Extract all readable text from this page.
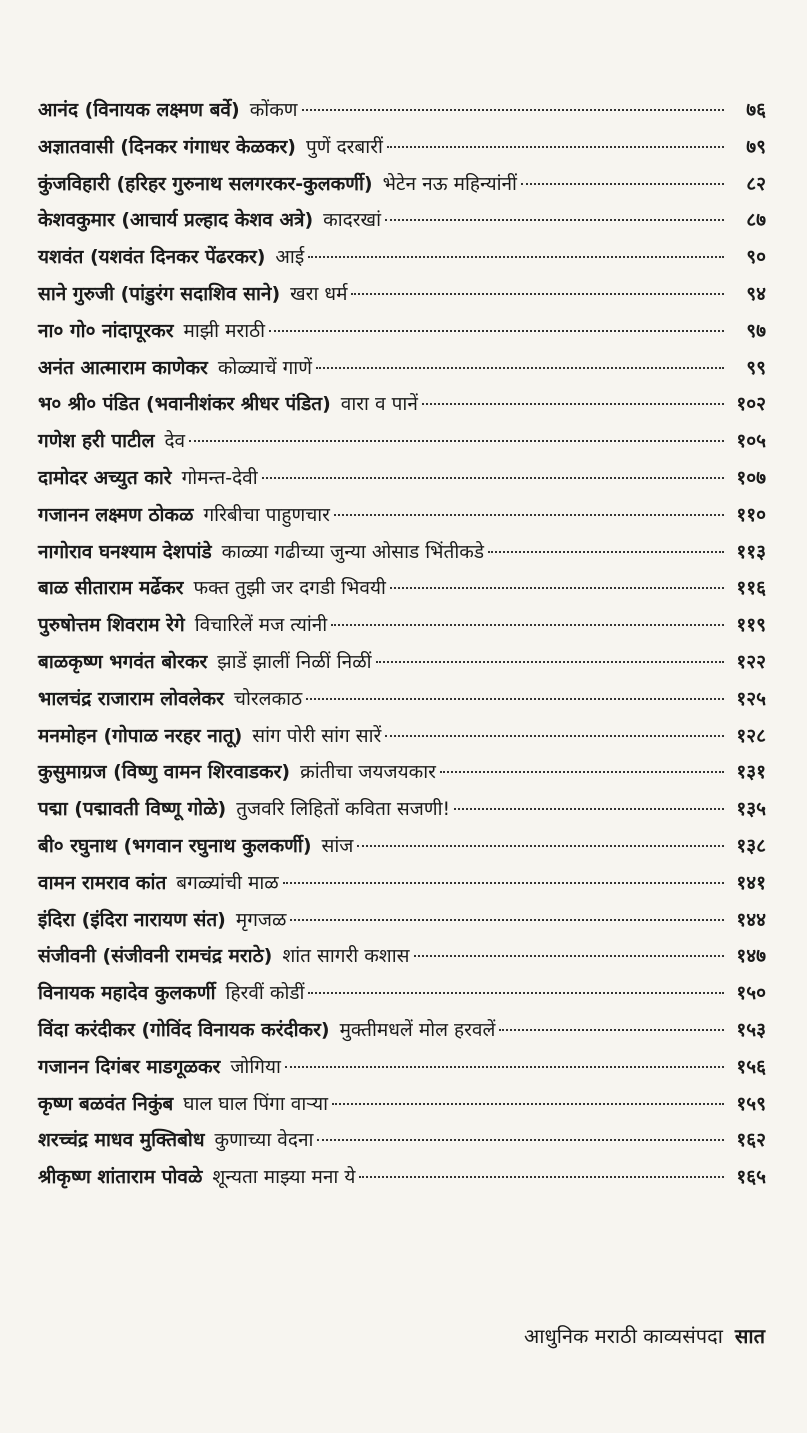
आनंद (विनायक लक्ष्मण बर्वे) कोंकण	७६
अज्ञातवासी (दिनकर गंगाधर केळकर) पुणें दरबारीं	७९
कुंजविहारी (हरिहर गुरुनाथ सलगरकर-कुलकर्णी) भेटेन नऊ महिन्यांनीं	८२
केशवकुमार (आचार्य प्रल्हाद केशव अत्रे) कादरखां	८७
यशवंत (यशवंत दिनकर पेंढरकर) आई	९०
साने गुरुजी (पांडुरंग सदाशिव साने) खरा धर्म	९४
ना० गो० नांदापूरकर माझी मराठी	९७
अनंत आत्माराम काणेकर कोळ्याचें गाणें	९९
भ० श्री० पंडित (भवानीशंकर श्रीधर पंडित) वारा व पानें	१०२
गणेश हरी पाटील देव	१०५
दामोदर अच्युत कारे गोमन्त-देवी	१०७
गजानन लक्ष्मण ठोकळ गरिबीचा पाहुणचार	११०
नागोराव घनश्याम देशपांडे काळ्या गढीच्या जुन्या ओसाड भिंतीकडे	११३
बाळ सीताराम मर्ढेकर फक्त तुझी जर दगडी भिवयी	११६
पुरुषोत्तम शिवराम रेगे विचारिलें मज त्यांनी	११९
बाळकृष्ण भगवंत बोरकर झाडें झालीं निळीं निळीं	१२२
भालचंद्र राजाराम लोवलेकर चोरलकाठ	१२५
मनमोहन (गोपाळ नरहर नातू) सांग पोरी सांग सारें	१२८
कुसुमाग्रज (विष्णु वामन शिरवाडकर) क्रांतीचा जयजयकार	१३१
पद्मा (पद्मावती विष्णू गोळे) तुजवरि लिहितों कविता सजणी!	१३५
बी० रघुनाथ (भगवान रघुनाथ कुलकर्णी) सांज	१३८
वामन रामराव कांत बगळ्यांची माळ	१४१
इंदिरा (इंदिरा नारायण संत) मृगजळ	१४४
संजीवनी (संजीवनी रामचंद्र मराठे) शांत सागरी कशास	१४७
विनायक महादेव कुलकर्णी हिरवीं कोडीं	१५०
विंदा करंदीकर (गोविंद विनायक करंदीकर) मुक्तीमधलें मोल हरवलें	१५३
गजानन दिगंबर माडगूळकर जोगिया	१५६
कृष्ण बळवंत निकुंब घाल घाल पिंगा वाऱ्या	१५९
शरच्चंद्र माधव मुक्तिबोध कुणाच्या वेदना	१६२
श्रीकृष्ण शांताराम पोवळे शून्यता माझ्या मना ये	१६५
आधुनिक मराठी काव्यसंपदा सात
